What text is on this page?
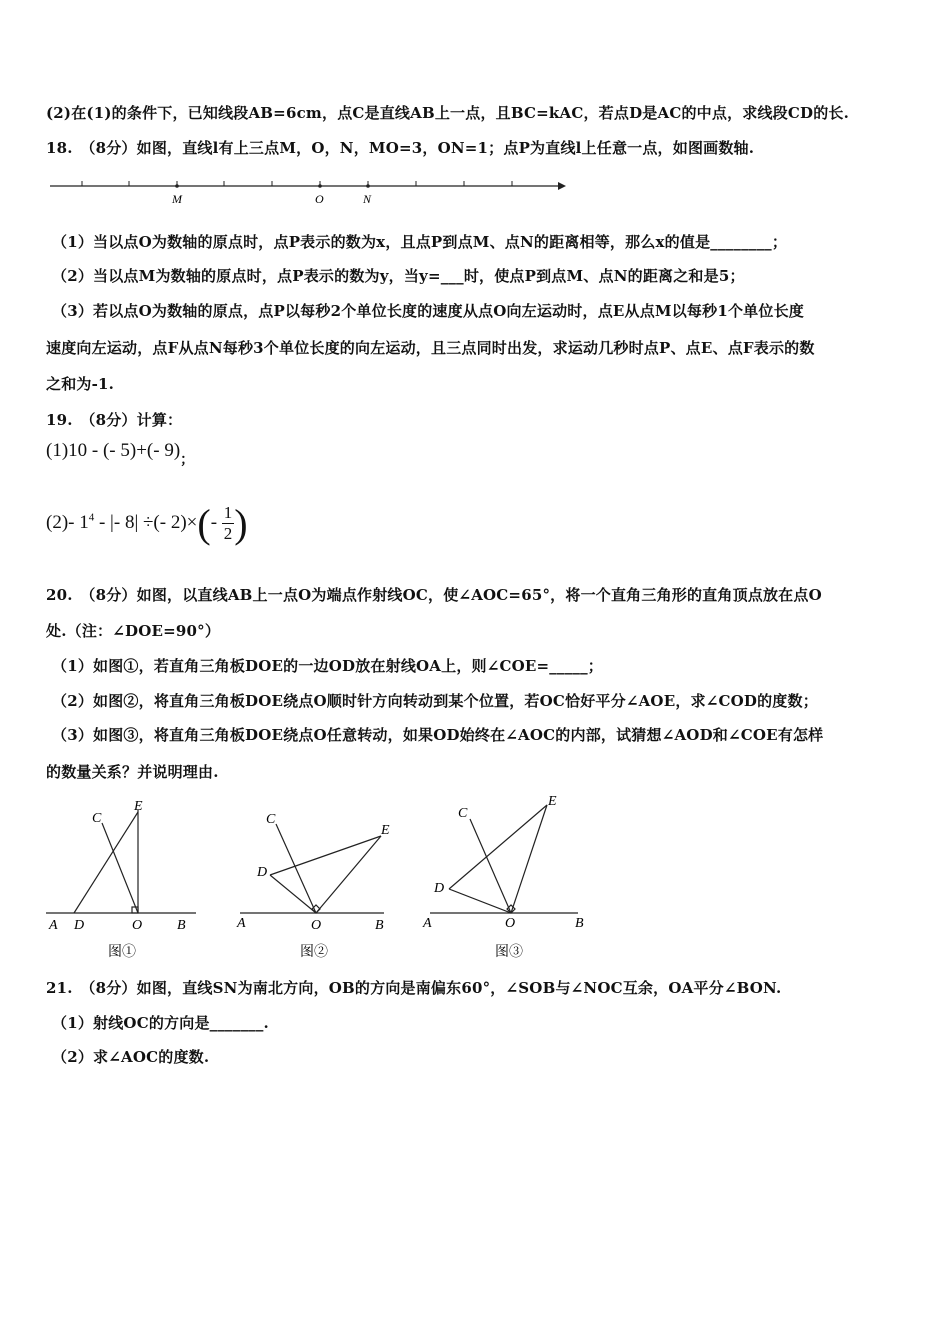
(2)在(1)的条件下，已知线段AB=6cm，点C是直线AB上一点，且BC=kAC，若点D是AC的中点，求线段CD的长.
18.　（8分）如图，直线l有上三点M，O，N，MO=3，ON=1；点P为直线l上任意一点，如图画数轴.
M	O	N
（1）当以点O为数轴的原点时，点P表示的数为x，且点P到点M、点N的距离相等，那么x的值是________；
（2）当以点M为数轴的原点时，点P表示的数为y，当y=___时，使点P到点M、点N的距离之和是5；
（3）若以点O为数轴的原点，点P以每秒2个单位长度的速度从点O向左运动时，点E从点M以每秒1个单位长度
速度向左运动，点F从点N每秒3个单位长度的向左运动，且三点同时出发，求运动几秒时点P、点E、点F表示的数
之和为-1.
19.　（8分）计算：
(1)10 - (- 5)+(- $9)_;$
(2)- $1^4$ - |- 8| ÷(- $2)\times(- \frac{1}{2}$ )
20.　（8分）如图，以直线AB上一点O为端点作射线OC，使∠AOC=65°，将一个直角三角形的直角顶点放在点O
处.（注：∠DOE=90°）
（1）如图①，若直角三角板DOE的一边OD放在射线OA上，则∠COE=_____；
（2）如图②，将直角三角板DOE绕点O顺时针方向转动到某个位置，若OC恰好平分∠AOE，求∠COD的度数；
（3）如图③，将直角三角板DOE绕点O任意转动，如果OD始终在∠AOC的内部，试猜想∠AOD和∠COE有怎样
的数量关系？并说明理由.
C
E
A D	O B
图①
C
E
D
A	O	B
图②
C
E
D
A	O	B
图③
21.　（8分）如图，直线SN为南北方向，OB的方向是南偏东60°，∠SOB与∠NOC互余，OA平分∠BON.
（1）射线OC的方向是_______.
（2）求∠AOC的度数.
